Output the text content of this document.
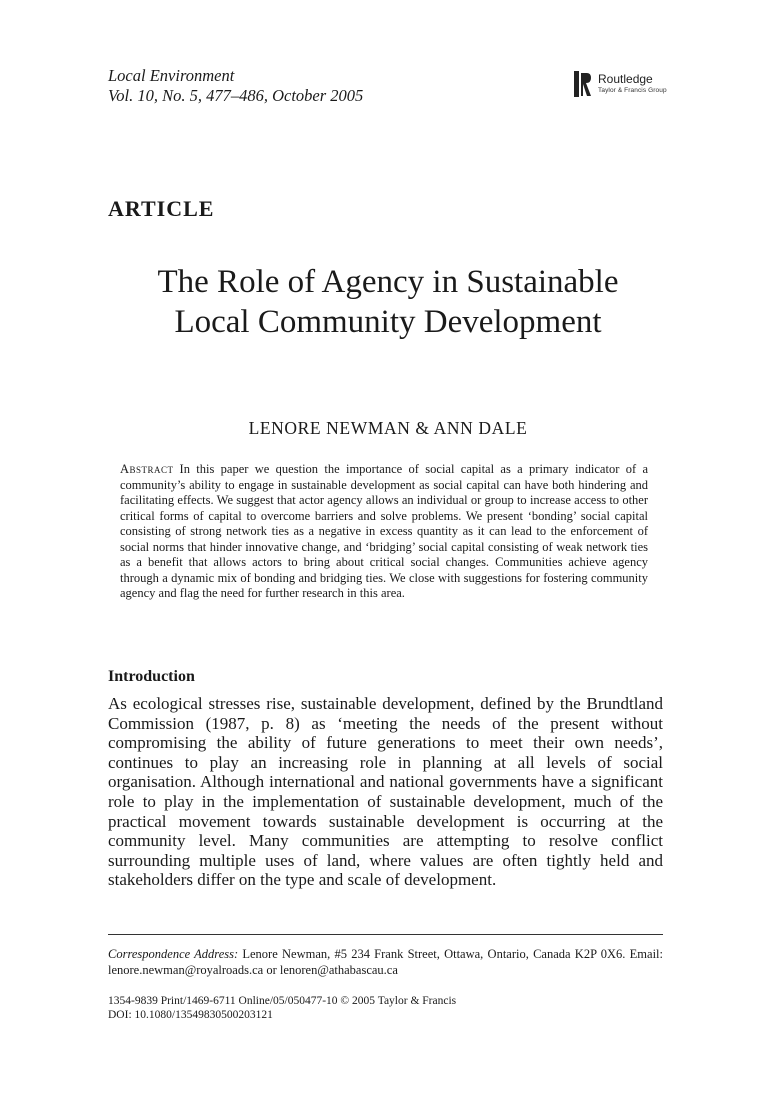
Local Environment
Vol. 10, No. 5, 477–486, October 2005
Routledge
Taylor & Francis Group
ARTICLE
The Role of Agency in Sustainable
Local Community Development
LENORE NEWMAN & ANN DALE
Abstract In this paper we question the importance of social capital as a primary indicator of a community’s ability to engage in sustainable development as social capital can have both hindering and facilitating effects. We suggest that actor agency allows an individual or group to increase access to other critical forms of capital to overcome barriers and solve problems. We present ‘bonding’ social capital consisting of strong network ties as a negative in excess quantity as it can lead to the enforcement of social norms that hinder innovative change, and ‘bridging’ social capital consisting of weak network ties as a benefit that allows actors to bring about critical social changes. Communities achieve agency through a dynamic mix of bonding and bridging ties. We close with suggestions for fostering community agency and flag the need for further research in this area.
Introduction
As ecological stresses rise, sustainable development, defined by the Brundtland Commission (1987, p. 8) as ‘meeting the needs of the present without compromising the ability of future generations to meet their own needs’, continues to play an increasing role in planning at all levels of social organisation. Although international and national governments have a significant role to play in the implementation of sustainable development, much of the practical movement towards sustainable development is occurring at the community level. Many communities are attempting to resolve conflict surrounding multiple uses of land, where values are often tightly held and stakeholders differ on the type and scale of development.
Correspondence Address: Lenore Newman, #5 234 Frank Street, Ottawa, Ontario, Canada K2P 0X6. Email: lenore.newman@royalroads.ca or lenoren@athabascau.ca
1354-9839 Print/1469-6711 Online/05/050477-10 © 2005 Taylor & Francis
DOI: 10.1080/13549830500203121
